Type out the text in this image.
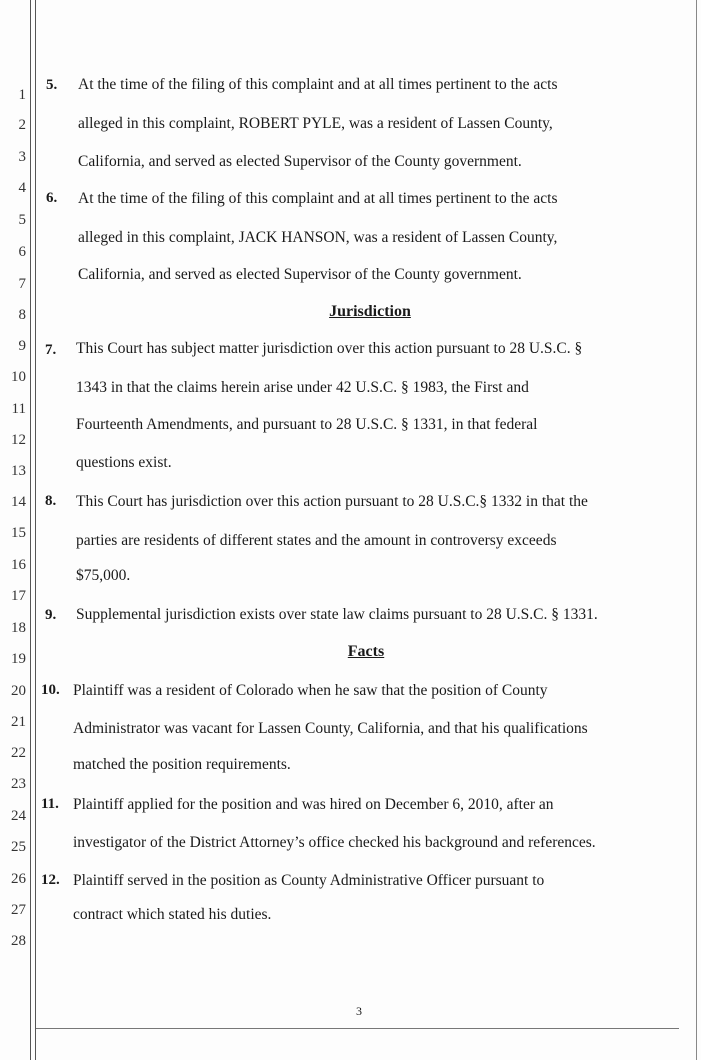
1
2
3
4
5
6
7
8
9
10
11
12
13
14
15
16
17
18
19
20
21
22
23
24
25
26
27
28
5. At the time of the filing of this complaint and at all times pertinent to the acts
alleged in this complaint, ROBERT PYLE, was a resident of Lassen County,
California, and served as elected Supervisor of the County government.
6. At the time of the filing of this complaint and at all times pertinent to the acts
alleged in this complaint, JACK HANSON, was a resident of Lassen County,
California, and served as elected Supervisor of the County government.
Jurisdiction
7. This Court has subject matter jurisdiction over this action pursuant to 28 U.S.C. §
1343 in that the claims herein arise under 42 U.S.C. § 1983, the First and
Fourteenth Amendments, and pursuant to 28 U.S.C. § 1331, in that federal
questions exist.
8. This Court has jurisdiction over this action pursuant to 28 U.S.C.§ 1332 in that the
parties are residents of different states and the amount in controversy exceeds
$75,000.
9. Supplemental jurisdiction exists over state law claims pursuant to 28 U.S.C. § 1331.
Facts
10. Plaintiff was a resident of Colorado when he saw that the position of County
Administrator was vacant for Lassen County, California, and that his qualifications
matched the position requirements.
11. Plaintiff applied for the position and was hired on December 6, 2010, after an
investigator of the District Attorney’s office checked his background and references.
12. Plaintiff served in the position as County Administrative Officer pursuant to
contract which stated his duties.
3
